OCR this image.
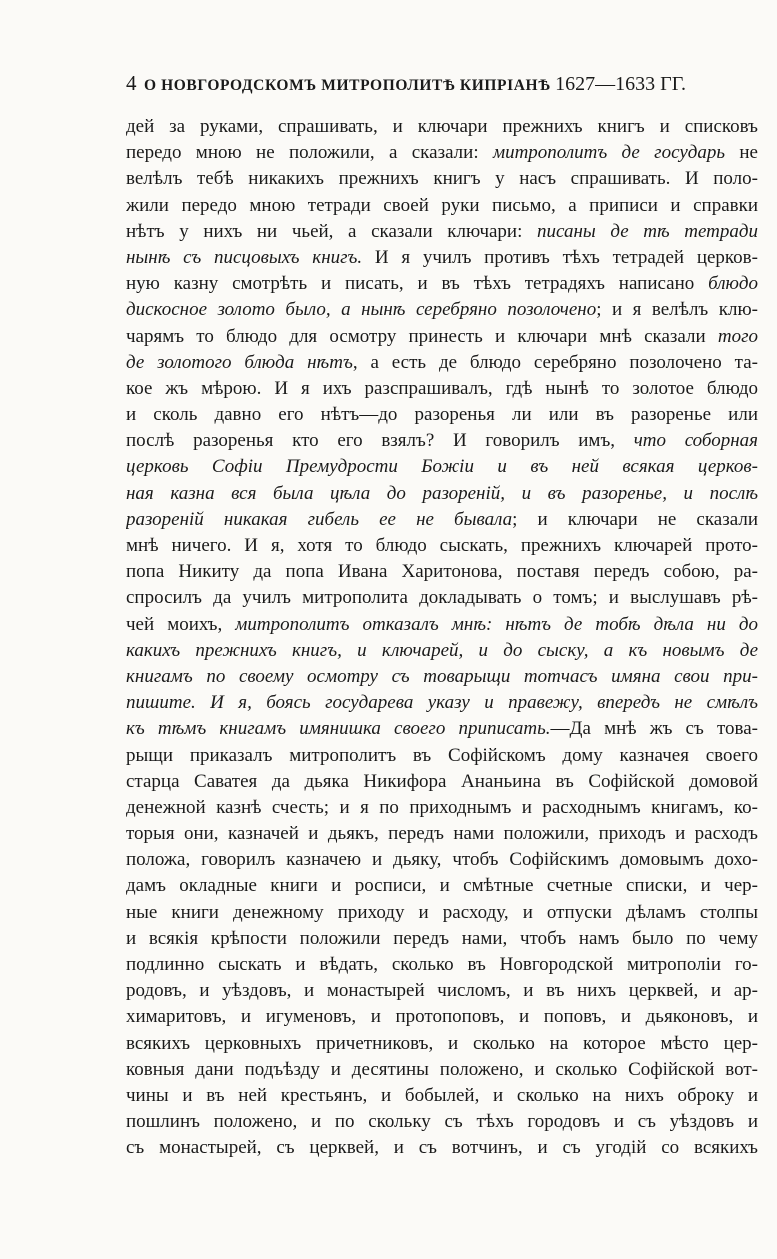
4 О НОВГОРОДСКОМЪ МИТРОПОЛИТѢ КИПРІАНѢ 1627—1633 ГГ.
дей за руками, спрашивать, и ключари прежнихъ книгъ и списковъ
передо мною не положили, а сказали: митрополитъ де государь не
велѣлъ тебѣ никакихъ прежнихъ книгъ у насъ спрашивать. И поло-
жили передо мною тетради своей руки письмо, а приписи и справки
нѣтъ у нихъ ни чьей, а сказали ключари: писаны де тѣ тетради
нынѣ съ писцовыхъ книгъ. И я училъ противъ тѣхъ тетрадей церков-
ную казну смотрѣть и писать, и въ тѣхъ тетрадяхъ написано блюдо
дискосное золото было, а нынѣ серебряно позолочено; и я велѣлъ клю-
чарямъ то блюдо для осмотру принесть и ключари мнѣ сказали того
де золотого блюда нѣтъ, а есть де блюдо серебряно позолочено та-
кое жъ мѣрою. И я ихъ разспрашивалъ, гдѣ нынѣ то золотое блюдо
и сколь давно его нѣтъ—до разоренья ли или въ разоренье или
послѣ разоренья кто его взялъ? И говорилъ имъ, что соборная
церковь Софіи Премудрости Божіи и въ ней всякая церков-
ная казна вся была цѣла до разореній, и въ разоренье, и послѣ
разореній никакая гибель ее не бывала; и ключари не сказали
мнѣ ничего. И я, хотя то блюдо сыскать, прежнихъ ключарей прото-
попа Никиту да попа Ивана Харитонова, поставя передъ собою, ра-
спросилъ да училъ митрополита докладывать о томъ; и выслушавъ рѣ-
чей моихъ, митрополитъ отказалъ мнѣ: нѣтъ де тобѣ дѣла ни до
какихъ прежнихъ книгъ, и ключарей, и до сыску, а къ новымъ де
книгамъ по своему осмотру съ товарыщи тотчасъ имяна свои при-
пишите. И я, боясь государева указу и правежу, впередъ не смѣлъ
къ тѣмъ книгамъ имянишка своего приписать.—Да мнѣ жъ съ това-
рыщи приказалъ митрополитъ въ Софійскомъ дому казначея своего
старца Саватея да дьяка Никифора Ананьина въ Софійской домовой
денежной казнѣ счесть; и я по приходнымъ и расходнымъ книгамъ, ко-
торыя они, казначей и дьякъ, передъ нами положили, приходъ и расходъ
положа, говорилъ казначею и дьяку, чтобъ Софійскимъ домовымъ дохо-
дамъ окладные книги и росписи, и смѣтные счетные списки, и чер-
ные книги денежному приходу и расходу, и отпуски дѣламъ столпы
и всякія крѣпости положили передъ нами, чтобъ намъ было по чему
подлинно сыскать и вѣдать, сколько въ Новгородской митрополіи го-
родовъ, и уѣздовъ, и монастырей числомъ, и въ нихъ церквей, и ар-
химаритовъ, и игуменовъ, и протопоповъ, и поповъ, и дьяконовъ, и
всякихъ церковныхъ причетниковъ, и сколько на которое мѣсто цер-
ковныя дани подъѣзду и десятины положено, и сколько Софійской вот-
чины и въ ней крестьянъ, и бобылей, и сколько на нихъ оброку и
пошлинъ положено, и по скольку съ тѣхъ городовъ и съ уѣздовъ и
съ монастырей, съ церквей, и съ вотчинъ, и съ угодій со всякихъ
